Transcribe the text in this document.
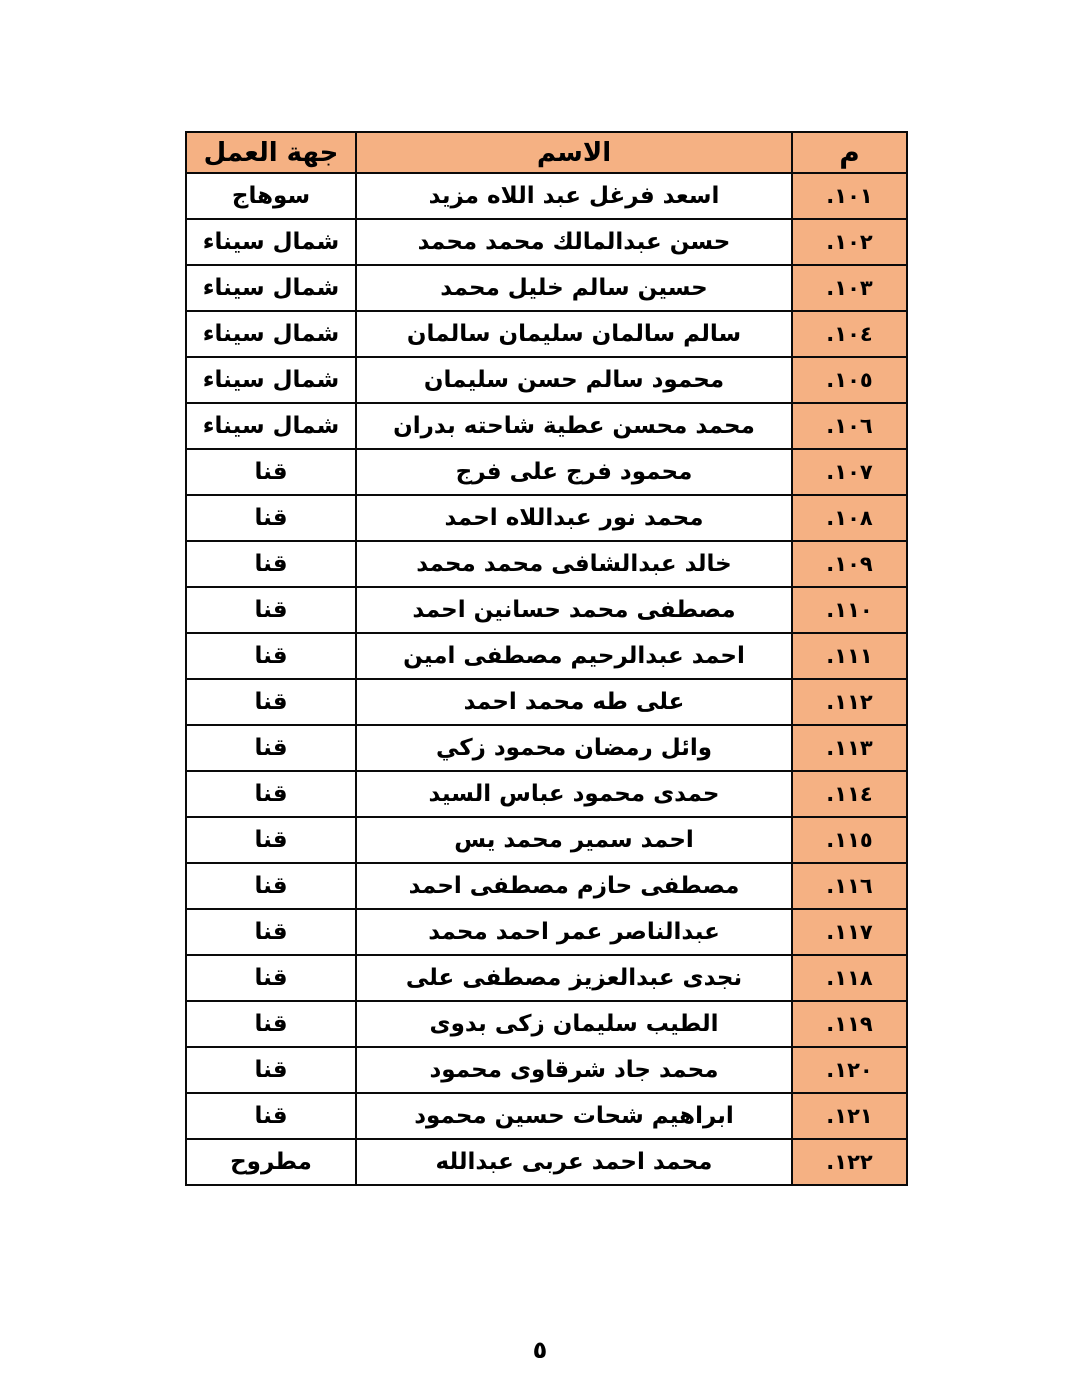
م	الاسم	جهة العمل
١٠١.	اسعد فرغل عبد اللاه مزيد	سوهاج
١٠٢.	حسن عبدالمالك محمد محمد	شمال سيناء
١٠٣.	حسين سالم خليل محمد	شمال سيناء
١٠٤.	سالم سالمان سليمان سالمان	شمال سيناء
١٠٥.	محمود سالم حسن سليمان	شمال سيناء
١٠٦.	محمد محسن عطية شاحته بدران	شمال سيناء
١٠٧.	محمود فرج على فرج	قنا
١٠٨.	محمد نور عبداللاه احمد	قنا
١٠٩.	خالد عبدالشافى محمد محمد	قنا
١١٠.	مصطفى محمد حسانين احمد	قنا
١١١.	احمد عبدالرحيم مصطفى امين	قنا
١١٢.	على طه محمد احمد	قنا
١١٣.	وائل رمضان محمود زكي	قنا
١١٤.	حمدى محمود عباس السيد	قنا
١١٥.	احمد سمير محمد يس	قنا
١١٦.	مصطفى حازم مصطفى احمد	قنا
١١٧.	عبدالناصر عمر احمد محمد	قنا
١١٨.	نجدى عبدالعزيز مصطفى على	قنا
١١٩.	الطيب سليمان زكى بدوى	قنا
١٢٠.	محمد جاد شرقاوى محمود	قنا
١٢١.	ابراهيم شحات حسين محمود	قنا
١٢٢.	محمد احمد عربى عبدالله	مطروح
٥
